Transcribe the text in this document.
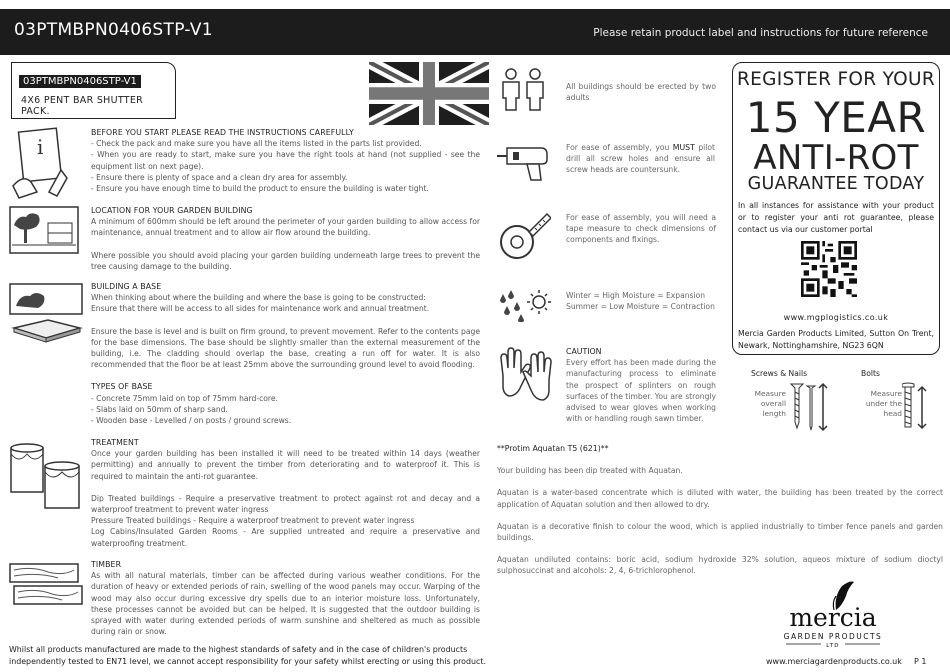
03PTMBPN0406STP-V1	Please retain product label and instructions for future reference
03PTMBPN0406STP-V1
4X6 PENT BAR SHUTTER PACK.
i
BEFORE YOU START PLEASE READ THE INSTRUCTIONS CAREFULLY

- Check the pack and make sure you have all the items listed in the parts list provided.

- When you are ready to start, make sure you have the right tools at hand (not supplied - see the equipment list on next page).

- Ensure there is plenty of space and a clean dry area for assembly.

- Ensure you have enough time to build the product to ensure the building is water tight.

LOCATION FOR YOUR GARDEN BUILDING

A minimum of 600mm should be left around the perimeter of your garden building to allow access for maintenance, annual treatment and to allow air flow around the building.

Where possible you should avoid placing your garden building underneath large trees to prevent the tree causing damage to the building.

BUILDING A BASE

When thinking about where the building and where the base is going to be constructed:

Ensure that there will be access to all sides for maintenance work and annual treatment.

Ensure the base is level and is built on firm ground, to prevent movement. Refer to the contents page for the base dimensions. The base should be slightly smaller than the external measurement of the building, i.e. The cladding should overlap the base, creating a run off for water. It is also recommended that the floor be at least 25mm above the surrounding ground level to avoid flooding.

TYPES OF BASE

- Concrete 75mm laid on top of 75mm hard-core.

- Slabs laid on 50mm of sharp sand.

- Wooden base - Levelled / on posts / ground screws.

TREATMENT

Once your garden building has been installed it will need to be treated within 14 days (weather permitting) and annually to prevent the timber from deteriorating and to waterproof it. This is required to maintain the anti-rot guarantee.

Dip Treated buildings - Require a preservative treatment to protect against rot and decay and a waterproof treatment to prevent water ingress

Pressure Treated buildings - Require a waterproof treatment to prevent water ingress

Log Cabins/Insulated Garden Rooms - Are supplied untreated and require a preservative and waterproofing treatment.

TIMBER

As with all natural materials, timber can be affected during various weather conditions. For the duration of heavy or extended periods of rain, swelling of the wood panels may occur. Warping of the wood may also occur during excessive dry spells due to an interior moisture loss. Unfortunately, these processes cannot be avoided but can be helped. It is suggested that the outdoor building is sprayed with water during extended periods of warm sunshine and sheltered as much as possible during rain or snow.

All buildings should be erected by two adults
For ease of assembly, you MUST pilot drill all screw holes and ensure all screw heads are countersunk.
For ease of assembly, you will need a tape measure to check dimensions of components and fixings.

Winter = High Moisture = Expansion

Summer = Low Moisture = Contraction

CAUTION

Every effort has been made during the manufacturing process to eliminate the prospect of splinters on rough surfaces of the timber. You are strongly advised to wear gloves when working with or handling rough sawn timber.

**Protim Aquatan T5 (621)**

Your building has been dip treated with Aquatan.

Aquatan is a water-based concentrate which is diluted with water, the building has been treated by the correct application of Aquatan solution and then allowed to dry.

Aquatan is a decorative finish to colour the wood, which is applied industrially to timber fence panels and garden buildings.

Aquatan undiluted contains: boric acid, sodium hydroxide 32% solution, aqueos mixture of sodium dioctyl sulphosuccinat and alcohols: 2, 4, 6-trichlorophenol.

REGISTER FOR YOUR
15 YEAR
ANTI-ROT
GUARANTEE TODAY
In all instances for assistance with your product or to register your anti rot guarantee, please contact us via our customer portal
www.mgplogistics.co.uk
Mercia Garden Products Limited, Sutton On Trent, Newark, Nottinghamshire, NG23 6QN
Screws & Nails	Bolts
Measure overall length
Measure under the head
mercia
GARDEN PRODUCTS
LTD
Whilst all products manufactured are made to the highest standards of safety and in the case of children's products independently tested to EN71 level, we cannot accept responsibility for your safety whilst erecting or using this product.	www.merciagardenproducts.co.uk P 1
